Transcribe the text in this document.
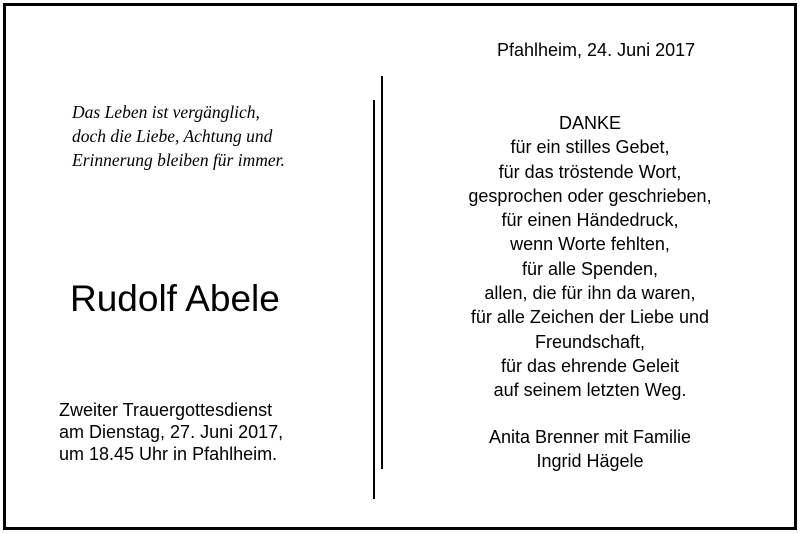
Pfahlheim, 24. Juni 2017
Das Leben ist vergänglich,
doch die Liebe, Achtung und
Erinnerung bleiben für immer.
Rudolf Abele
Zweiter Trauergottesdienst
am Dienstag, 27. Juni 2017,
um 18.45 Uhr in Pfahlheim.
DANKE
für ein stilles Gebet,
für das tröstende Wort,
gesprochen oder geschrieben,
für einen Händedruck,
wenn Worte fehlten,
für alle Spenden,
allen, die für ihn da waren,
für alle Zeichen der Liebe und
Freundschaft,
für das ehrende Geleit
auf seinem letzten Weg.
Anita Brenner mit Familie
Ingrid Hägele
